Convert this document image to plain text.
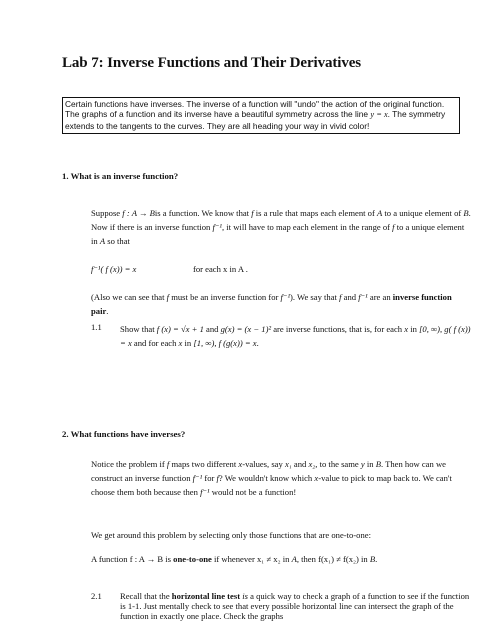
Lab 7: Inverse Functions and Their Derivatives
Certain functions have inverses. The inverse of a function will "undo" the action of the original function. The graphs of a function and its inverse have a beautiful symmetry across the line y = x. The symmetry extends to the tangents to the curves. They are all heading your way in vivid color!
1. What is an inverse function?
Suppose f : A → Bis a function. We know that f is a rule that maps each element of A to a unique element of B. Now if there is an inverse function f⁻¹, it will have to map each element in the range of f to a unique element in A so that
f⁻¹( f (x)) = x	for each x in A .
(Also we can see that f must be an inverse function for f⁻¹). We say that f and f⁻¹ are an inverse function pair.
1.1 Show that f (x) = √x + 1 and g(x) = (x − 1)² are inverse functions, that is, for each x in [0, ∞), g( f (x)) = x and for each x in [1, ∞), f (g(x)) = x.
2. What functions have inverses?
Notice the problem if f maps two different x-values, say x₁ and x₂, to the same y in B. Then how can we construct an inverse function f⁻¹ for f? We wouldn't know which x-value to pick to map back to. We can't choose them both because then f⁻¹ would not be a function!
We get around this problem by selecting only those functions that are one-to-one:
A function f : A → B is one-to-one if whenever x₁ ≠ x₂ in A, then f(x₁) ≠ f(x₂) in B.
2.1 Recall that the horizontal line test is a quick way to check a graph of a function to see if the function is 1-1. Just mentally check to see that every possible horizontal line can intersect the graph of the function in exactly one place. Check the graphs
